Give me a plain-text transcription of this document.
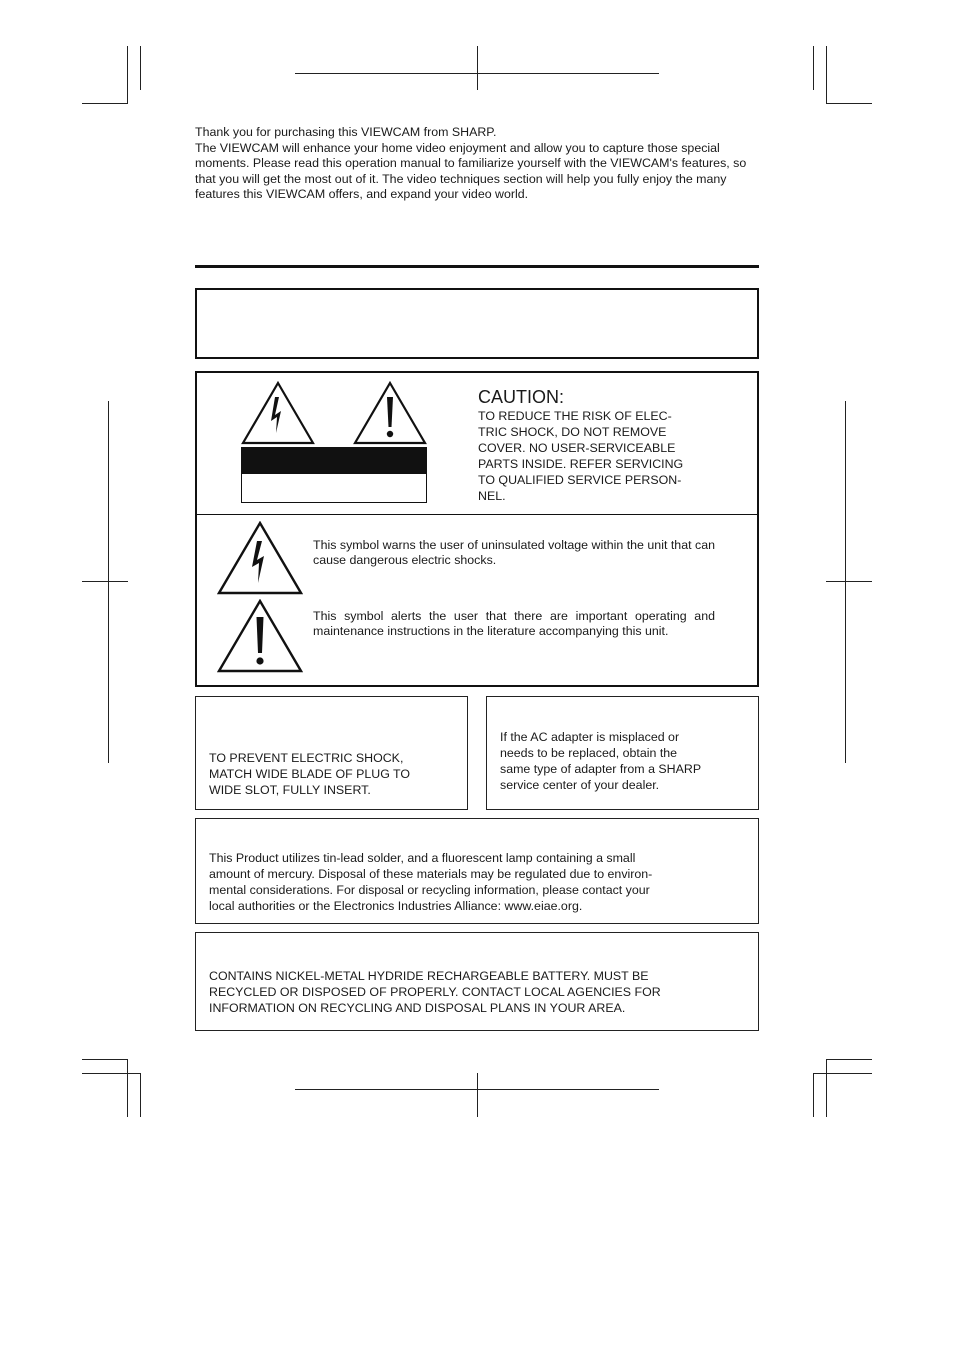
Thank you for purchasing this VIEWCAM from SHARP.

The VIEWCAM will enhance your home video enjoyment and allow you to capture those special moments. Please read this operation manual to familiarize yourself with the VIEWCAM's features, so that you will get the most out of it. The video techniques section will help you fully enjoy the many features this VIEWCAM offers, and expand your video world.

CAUTION:
TO REDUCE THE RISK OF ELEC-
TRIC SHOCK, DO NOT REMOVE
COVER. NO USER-SERVICEABLE
PARTS INSIDE. REFER SERVICING
TO QUALIFIED SERVICE PERSON-
NEL.
This symbol warns the user of uninsulated voltage within the unit that can cause dangerous electric shocks.
This symbol alerts the user that there are important operating and maintenance instructions in the literature accompanying this unit.
TO PREVENT ELECTRIC SHOCK,
MATCH WIDE BLADE OF PLUG TO
WIDE SLOT, FULLY INSERT.
If the AC adapter is misplaced or
needs to be replaced, obtain the
same type of adapter from a SHARP
service center of your dealer.
This Product utilizes tin-lead solder, and a fluorescent lamp containing a small
amount of mercury. Disposal of these materials may be regulated due to environ-
mental considerations. For disposal or recycling information, please contact your
local authorities or the Electronics Industries Alliance: www.eiae.org.
CONTAINS NICKEL-METAL HYDRIDE RECHARGEABLE BATTERY. MUST BE
RECYCLED OR DISPOSED OF PROPERLY. CONTACT LOCAL AGENCIES FOR
INFORMATION ON RECYCLING AND DISPOSAL PLANS IN YOUR AREA.
